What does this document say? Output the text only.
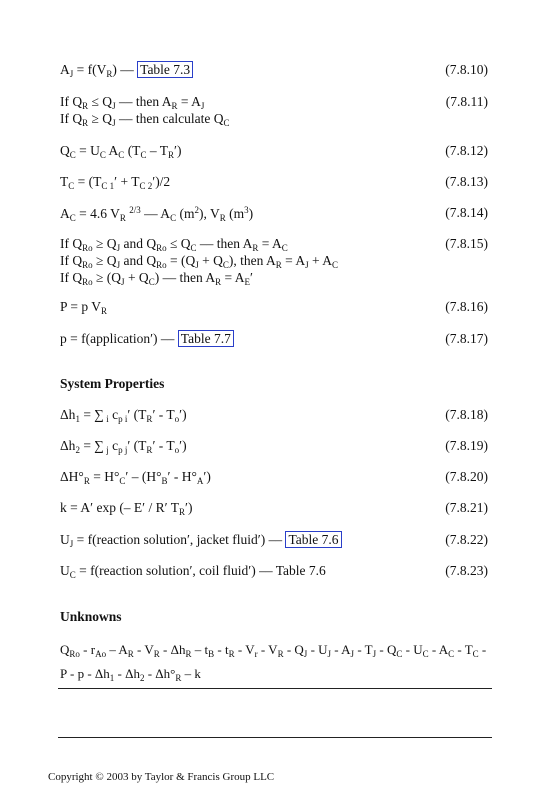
$A_J = f(V_R)$ –– Table 7.3	(7.8.10)
If $Q_R \le Q_J$ –– then $A_R = A_J$	(7.8.11)
If $Q_R \ge Q_J$ –– then calculate $Q_C$
$Q_C = U_C$ $A_C$ $(T_C - T_R')$	(7.8.12)
$T_C = (T_{C 1}' + T_{C 2}')/2$	(7.8.13)
$A_C = 4.6$ $V_R$ $^{2/3}$ — $A_C$ $(m^2)$, $V_R$ $(m^3)$	(7.8.14)
If $Q_{Ro} \ge Q_J$ and $Q_{Ro} \le Q_C$ –– then $A_R = A_C$	(7.8.15)
If $Q_{Ro} \ge Q_J$ and $Q_{Ro} = (Q_J + Q_C)$, then $A_R = A_J + A_C$
If $Q_{Ro} \ge (Q_J + Q_C)$ — then $A_R = A_E'$
P = p $V_R$	(7.8.16)
p = f(application′) –– Table 7.7	(7.8.17)
System Properties
$\Delta h_1$ = ∑ $_i$ $c_{p i}'$ $(T_R' - T_o')$	(7.8.18)
$\Delta h_2$ = ∑ $_j$ $c_{p j}'$ $(T_R' - T_o')$	(7.8.19)
$\Delta H^\circ_R = H^\circ_C' - (H^\circ_B' - H^\circ_A')$	(7.8.20)
k = A′ exp (– E′ / R′ $T_R'$)	(7.8.21)
$U_J$ = f(reaction solution′, jacket fluid′) –– Table 7.6	(7.8.22)
$U_C$ = f(reaction solution′, coil fluid′) –– Table 7.6	(7.8.23)
Unknowns
$Q_{Ro} - r_{Ao} - A_R - V_R - \Delta h_R - t_B - t_R - V_r - V_R - Q_J - U_J - A_J - T_J - Q_C - U_C - A_C - T_C$ -
P - p - $\Delta h_1 - \Delta h_2 - \Delta h^\circ_R$ – k
Copyright © 2003 by Taylor & Francis Group LLC
